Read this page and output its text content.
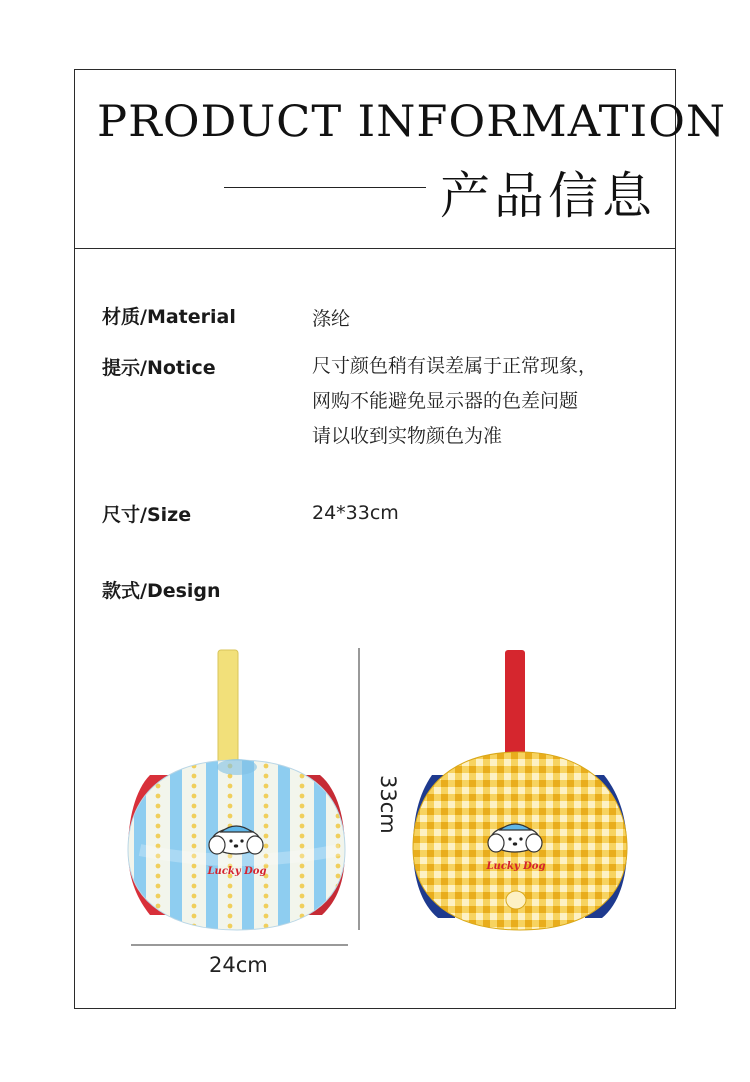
PRODUCT INFORMATION
产品信息
材质/Material	涤纶
提示/Notice	尺寸颜色稍有误差属于正常现象，
网购不能避免显示器的色差问题
请以收到实物颜色为准
尺寸/Size	24*33cm
款式/Design
Lucky Dog	Lucky Dog
33cm
24cm
